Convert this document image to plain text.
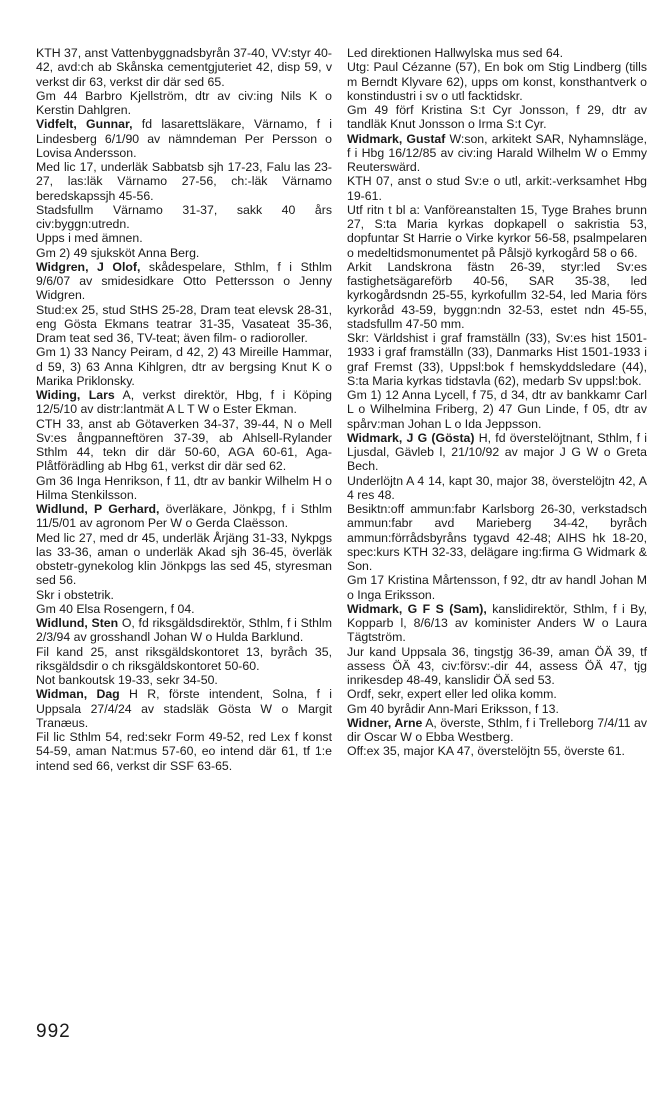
KTH 37, anst Vattenbyggnadsbyrån 37-40, VV:styr 40-42, avd:ch ab Skånska cementgjuteriet 42, disp 59, v verkst dir 63, verkst dir där sed 65.

Gm 44 Barbro Kjellström, dtr av civ:ing Nils K o Kerstin Dahlgren.

Vidfelt, Gunnar, fd lasarettsläkare, Värnamo, f i Lindesberg 6/1/90 av nämndeman Per Persson o Lovisa Andersson.

Med lic 17, underläk Sabbatsb sjh 17-23, Falu las 23-27, las:läk Värnamo 27-56, ch:-läk Värnamo beredskapssjh 45-56.

Stadsfullm Värnamo 31-37, sakk 40 års civ:byggn:utredn.

Upps i med ämnen.

Gm 2) 49 sjuksköt Anna Berg.

Widgren, J Olof, skådespelare, Sthlm, f i Sthlm 9/6/07 av smidesidkare Otto Pettersson o Jenny Widgren.

Stud:ex 25, stud StHS 25-28, Dram teat elevsk 28-31, eng Gösta Ekmans teatrar 31-35, Vasateat 35-36, Dram teat sed 36, TV-teat; även film- o radioroller.

Gm 1) 33 Nancy Peiram, d 42, 2) 43 Mireille Hammar, d 59, 3) 63 Anna Kihlgren, dtr av bergsing Knut K o Marika Priklonsky.

Widing, Lars A, verkst direktör, Hbg, f i Köping 12/5/10 av distr:lantmät A L T W o Ester Ekman.

CTH 33, anst ab Götaverken 34-37, 39-44, N o Mell Sv:es ångpanneftören 37-39, ab Ahlsell-Rylander Sthlm 44, tekn dir där 50-60, AGA 60-61, Aga-Plåtförädling ab Hbg 61, verkst dir där sed 62.

Gm 36 Inga Henrikson, f 11, dtr av bankir Wilhelm H o Hilma Stenkilsson.

Widlund, P Gerhard, överläkare, Jönkpg, f i Sthlm 11/5/01 av agronom Per W o Gerda Claësson.

Med lic 27, med dr 45, underläk Årjäng 31-33, Nykpgs las 33-36, aman o underläk Akad sjh 36-45, överläk obstetr-gynekolog klin Jönkpgs las sed 45, styresman sed 56.

Skr i obstetrik.

Gm 40 Elsa Rosengern, f 04.

Widlund, Sten O, fd riksgäldsdirektör, Sthlm, f i Sthlm 2/3/94 av grosshandl Johan W o Hulda Barklund.

Fil kand 25, anst riksgäldskontoret 13, byråch 35, riksgäldsdir o ch riksgäldskontoret 50-60.

Not bankoutsk 19-33, sekr 34-50.

Widman, Dag H R, förste intendent, Solna, f i Uppsala 27/4/24 av stadsläk Gösta W o Margit Tranæus.

Fil lic Sthlm 54, red:sekr Form 49-52, red Lex f konst 54-59, aman Nat:mus 57-60, eo intend där 61, tf 1:e intend sed 66, verkst dir SSF 63-65.

Led direktionen Hallwylska mus sed 64.

Utg: Paul Cézanne (57), En bok om Stig Lindberg (tills m Berndt Klyvare 62), upps om konst, konsthantverk o konstindustri i sv o utl facktidskr.

Gm 49 förf Kristina S:t Cyr Jonsson, f 29, dtr av tandläk Knut Jonsson o Irma S:t Cyr.

Widmark, Gustaf W:son, arkitekt SAR, Nyhamnsläge, f i Hbg 16/12/85 av civ:ing Harald Wilhelm W o Emmy Reuterswärd.

KTH 07, anst o stud Sv:e o utl, arkit:-verksamhet Hbg 19-61.

Utf ritn t bl a: Vanföreanstalten 15, Tyge Brahes brunn 27, S:ta Maria kyrkas dopkapell o sakristia 53, dopfuntar St Harrie o Virke kyrkor 56-58, psalmpelaren o medeltidsmonumentet på Pålsjö kyrkogård 58 o 66.

Arkit Landskrona fästn 26-39, styr:led Sv:es fastighetsägareförb 40-56, SAR 35-38, led kyrkogårdsndn 25-55, kyrkofullm 32-54, led Maria förs kyrkoråd 43-59, byggn:ndn 32-53, estet ndn 45-55, stadsfullm 47-50 mm.

Skr: Världshist i graf framställn (33), Sv:es hist 1501-1933 i graf framställn (33), Danmarks Hist 1501-1933 i graf Fremst (33), Uppsl:bok f hemskyddsledare (44), S:ta Maria kyrkas tidstavla (62), medarb Sv uppsl:bok.

Gm 1) 12 Anna Lycell, f 75, d 34, dtr av bankkamr Carl L o Wilhelmina Friberg, 2) 47 Gun Linde, f 05, dtr av spårv:man Johan L o Ida Jeppsson.

Widmark, J G (Gösta) H, fd överstelöjtnant, Sthlm, f i Ljusdal, Gävleb l, 21/10/92 av major J G W o Greta Bech.

Underlöjtn A 4 14, kapt 30, major 38, överstelöjtn 42, A 4 res 48.

Besiktn:off ammun:fabr Karlsborg 26-30, verkstadsch ammun:fabr avd Marieberg 34-42, byråch ammun:förrådsbyråns tygavd 42-48; AIHS hk 18-20, spec:kurs KTH 32-33, delägare ing:firma G Widmark & Son.

Gm 17 Kristina Mårtensson, f 92, dtr av handl Johan M o Inga Eriksson.

Widmark, G F S (Sam), kanslidirektör, Sthlm, f i By, Kopparb l, 8/6/13 av kominister Anders W o Laura Tägtström.

Jur kand Uppsala 36, tingstjg 36-39, aman ÖÄ 39, tf assess ÖÄ 43, civ:försv:-dir 44, assess ÖÄ 47, tjg inrikesdep 48-49, kanslidir ÖÄ sed 53.

Ordf, sekr, expert eller led olika komm.

Gm 40 byrådir Ann-Mari Eriksson, f 13.

Widner, Arne A, överste, Sthlm, f i Trelleborg 7/4/11 av dir Oscar W o Ebba Westberg.

Off:ex 35, major KA 47, överstelöjtn 55, överste 61.

992
